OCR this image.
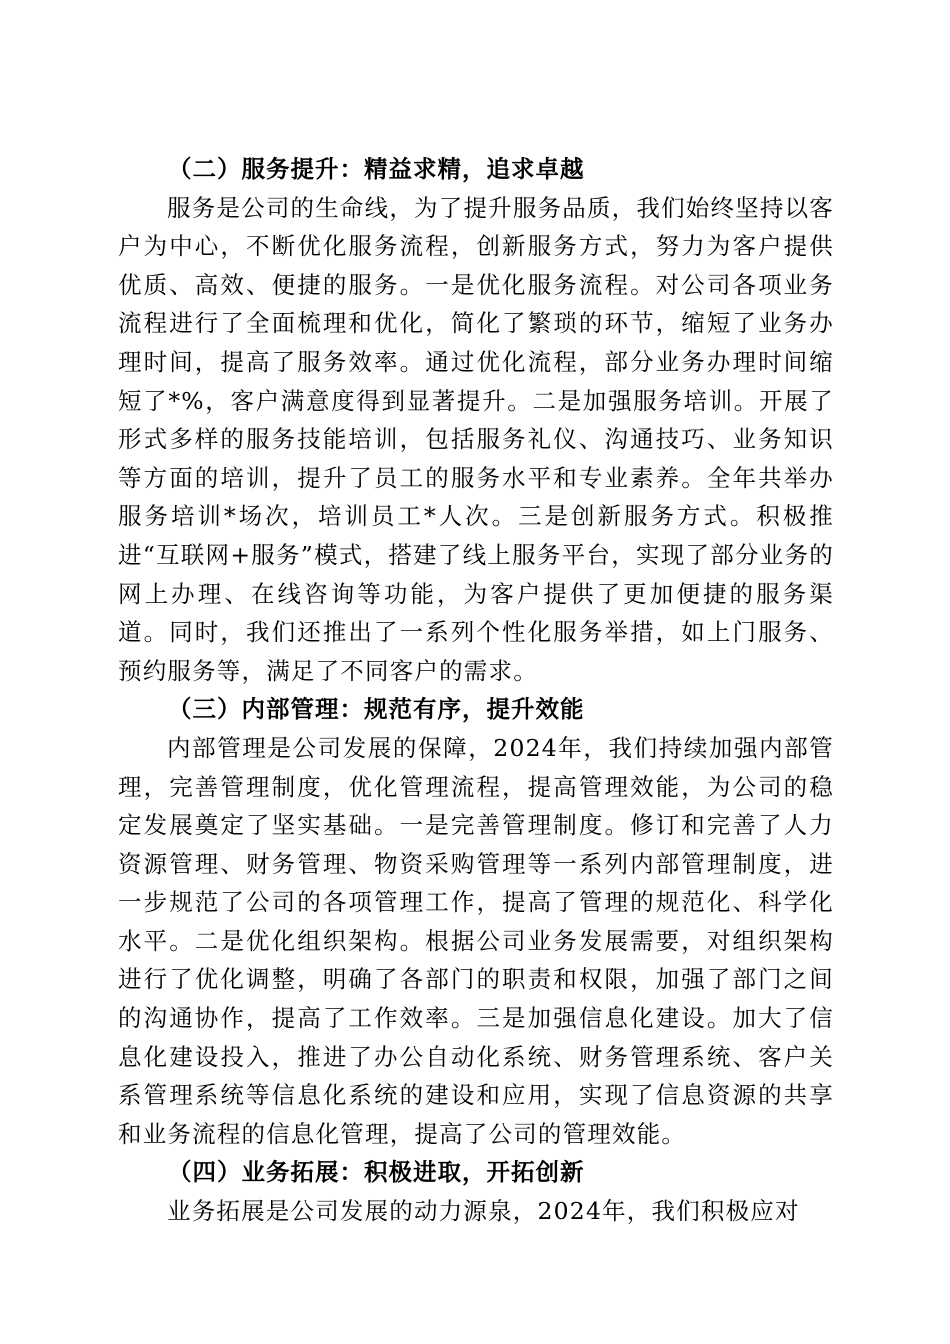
（二）服务提升：精益求精，追求卓越

服务是公司的生命线，为了提升服务品质，我们始终坚持以客户为中心，不断优化服务流程，创新服务方式，努力为客户提供优质、高效、便捷的服务。一是优化服务流程。对公司各项业务流程进行了全面梳理和优化，简化了繁琐的环节，缩短了业务办理时间，提高了服务效率。通过优化流程，部分业务办理时间缩短了*%，客户满意度得到显著提升。二是加强服务培训。开展了形式多样的服务技能培训，包括服务礼仪、沟通技巧、业务知识等方面的培训，提升了员工的服务水平和专业素养。全年共举办服务培训*场次，培训员工*人次。三是创新服务方式。积极推进“互联网+服务”模式，搭建了线上服务平台，实现了部分业务的网上办理、在线咨询等功能，为客户提供了更加便捷的服务渠道。同时，我们还推出了一系列个性化服务举措，如上门服务、预约服务等，满足了不同客户的需求。

（三）内部管理：规范有序，提升效能

内部管理是公司发展的保障，2024年，我们持续加强内部管理，完善管理制度，优化管理流程，提高管理效能，为公司的稳定发展奠定了坚实基础。一是完善管理制度。修订和完善了人力资源管理、财务管理、物资采购管理等一系列内部管理制度，进一步规范了公司的各项管理工作，提高了管理的规范化、科学化水平。二是优化组织架构。根据公司业务发展需要，对组织架构进行了优化调整，明确了各部门的职责和权限，加强了部门之间的沟通协作，提高了工作效率。三是加强信息化建设。加大了信息化建设投入，推进了办公自动化系统、财务管理系统、客户关系管理系统等信息化系统的建设和应用，实现了信息资源的共享和业务流程的信息化管理，提高了公司的管理效能。

（四）业务拓展：积极进取，开拓创新

业务拓展是公司发展的动力源泉，2024年，我们积极应对
